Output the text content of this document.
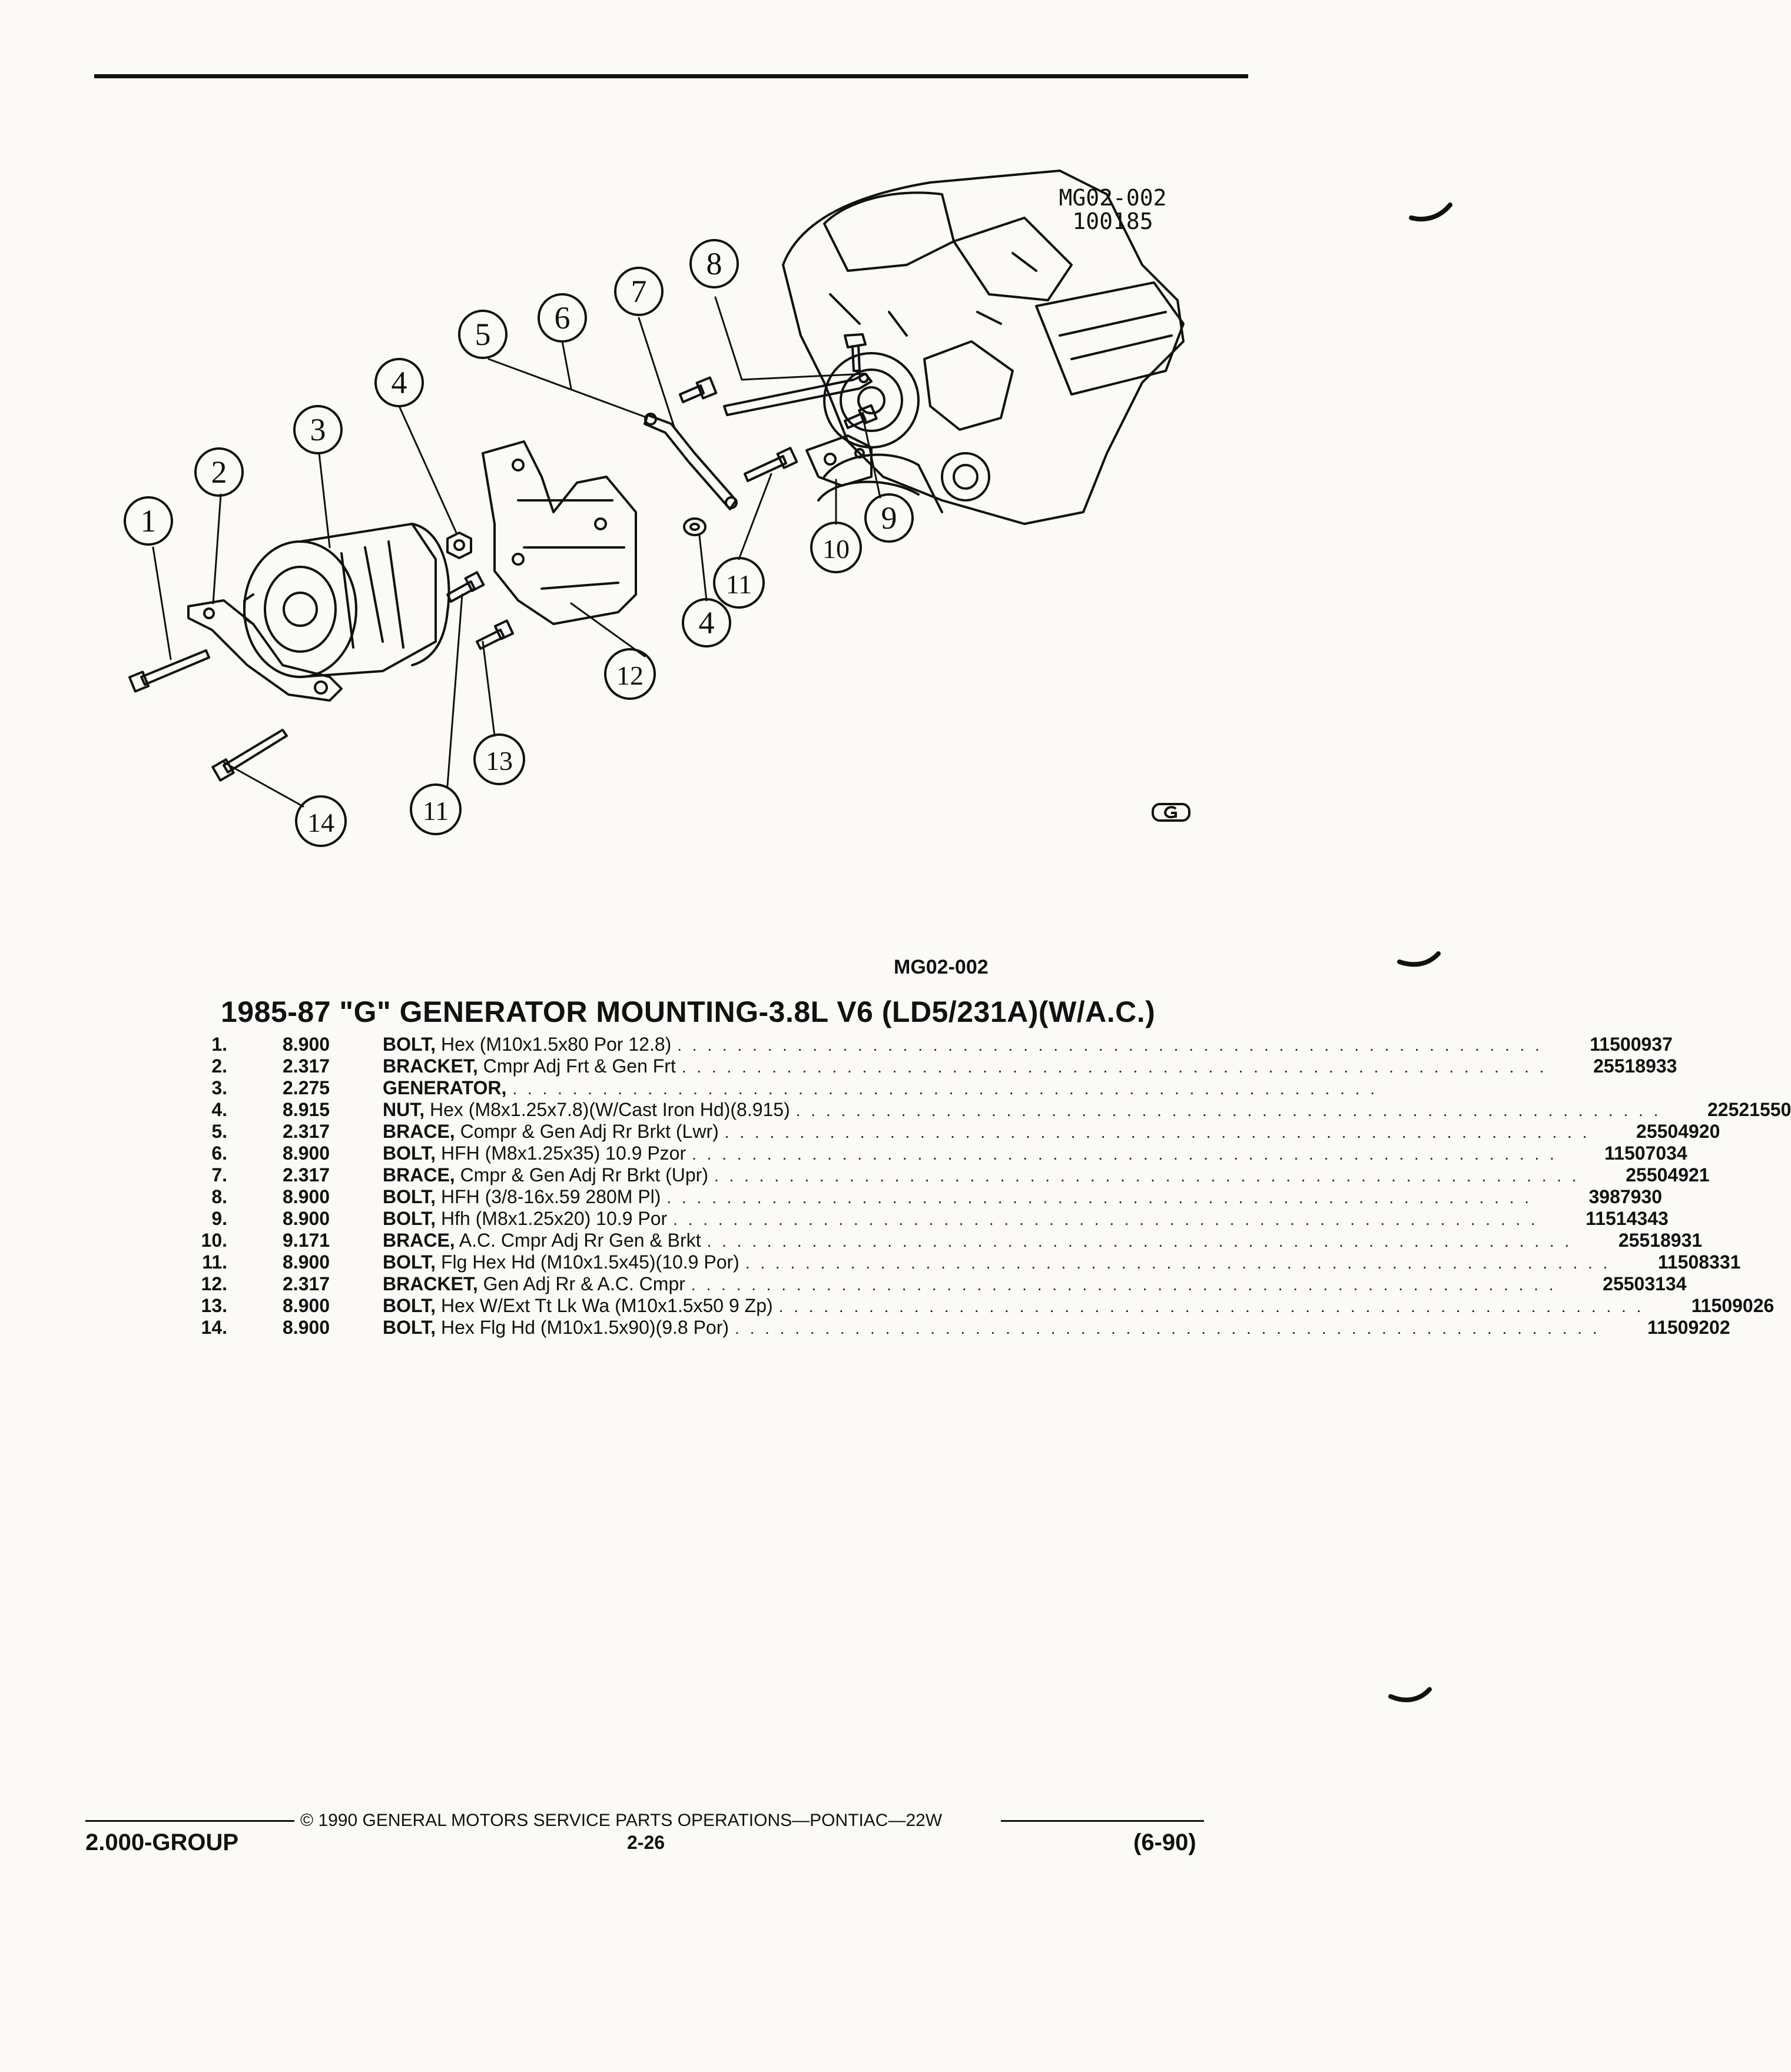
1
2
3
4
5 6
7
8
9
10
11
4
11
12
13
14
MG02-002
100185
MG02-002
1985-87 "G" GENERATOR MOUNTING-3.8L V6 (LD5/231A)(W/A.C.)
1.	8.900	BOLT, Hex (M10x1.5x80 Por 12.8) . . . . . . . . . . . . . . . . . . . . . . . . . . . . . . . . . . . . . . . . . . . . . . . . . . . . . . . . . .	11500937
2.	2.317	BRACKET, Cmpr Adj Frt & Gen Frt . . . . . . . . . . . . . . . . . . . . . . . . . . . . . . . . . . . . . . . . . . . . . . . . . . . . . . . . . .	25518933
3.	2.275	GENERATOR, . . . . . . . . . . . . . . . . . . . . . . . . . . . . . . . . . . . . . . . . . . . . . . . . . . . . . . . . . .
4.	8.915	NUT, Hex (M8x1.25x7.8)(W/Cast Iron Hd)(8.915) . . . . . . . . . . . . . . . . . . . . . . . . . . . . . . . . . . . . . . . . . . . . . . . . . . . . . . . . . .	22521550
5.	2.317	BRACE, Compr & Gen Adj Rr Brkt (Lwr) . . . . . . . . . . . . . . . . . . . . . . . . . . . . . . . . . . . . . . . . . . . . . . . . . . . . . . . . . .	25504920
6.	8.900	BOLT, HFH (M8x1.25x35) 10.9 Pzor . . . . . . . . . . . . . . . . . . . . . . . . . . . . . . . . . . . . . . . . . . . . . . . . . . . . . . . . . .	11507034
7.	2.317	BRACE, Cmpr & Gen Adj Rr Brkt (Upr) . . . . . . . . . . . . . . . . . . . . . . . . . . . . . . . . . . . . . . . . . . . . . . . . . . . . . . . . . .	25504921
8.	8.900	BOLT, HFH (3/8-16x.59 280M Pl) . . . . . . . . . . . . . . . . . . . . . . . . . . . . . . . . . . . . . . . . . . . . . . . . . . . . . . . . . .	3987930
9.	8.900	BOLT, Hfh (M8x1.25x20) 10.9 Por . . . . . . . . . . . . . . . . . . . . . . . . . . . . . . . . . . . . . . . . . . . . . . . . . . . . . . . . . .	11514343
10.	9.171	BRACE, A.C. Cmpr Adj Rr Gen & Brkt . . . . . . . . . . . . . . . . . . . . . . . . . . . . . . . . . . . . . . . . . . . . . . . . . . . . . . . . . .	25518931
11.	8.900	BOLT, Flg Hex Hd (M10x1.5x45)(10.9 Por) . . . . . . . . . . . . . . . . . . . . . . . . . . . . . . . . . . . . . . . . . . . . . . . . . . . . . . . . . .	11508331
12.	2.317	BRACKET, Gen Adj Rr & A.C. Cmpr . . . . . . . . . . . . . . . . . . . . . . . . . . . . . . . . . . . . . . . . . . . . . . . . . . . . . . . . . .	25503134
13.	8.900	BOLT, Hex W/Ext Tt Lk Wa (M10x1.5x50 9 Zp) . . . . . . . . . . . . . . . . . . . . . . . . . . . . . . . . . . . . . . . . . . . . . . . . . . . . . . . . . .	11509026
14.	8.900	BOLT, Hex Flg Hd (M10x1.5x90)(9.8 Por) . . . . . . . . . . . . . . . . . . . . . . . . . . . . . . . . . . . . . . . . . . . . . . . . . . . . . . . . . .	11509202
© 1990 GENERAL MOTORS SERVICE PARTS OPERATIONS—PONTIAC—22W
2.000-GROUP	2-26	(6-90)
